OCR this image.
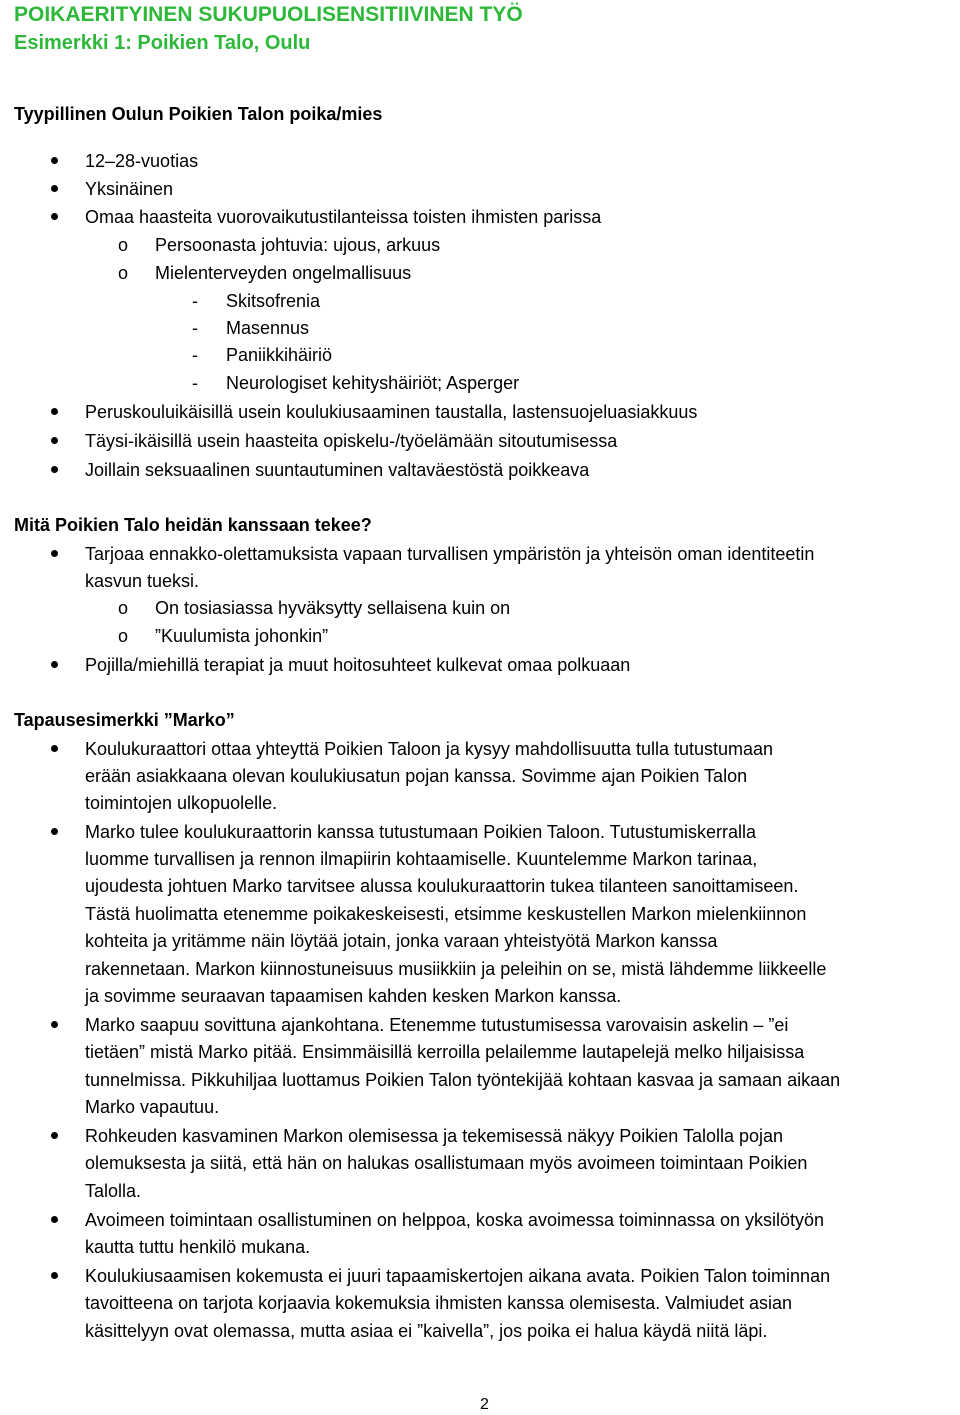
POIKAERITYINEN SUKUPUOLISENSITIIVINEN TYÖ
Esimerkki 1: Poikien Talo, Oulu
Tyypillinen Oulun Poikien Talon poika/mies
12–28-vuotias
Yksinäinen
Omaa haasteita vuorovaikutustilanteissa toisten ihmisten parissa
o Persoonasta johtuvia: ujous, arkuus
o Mielenterveyden ongelmallisuus
- Skitsofrenia
- Masennus
- Paniikkihäiriö
- Neurologiset kehityshäiriöt; Asperger
Peruskouluikäisillä usein koulukiusaaminen taustalla, lastensuojeluasiakkuus
Täysi-ikäisillä usein haasteita opiskelu-/työelämään sitoutumisessa
Joillain seksuaalinen suuntautuminen valtaväestöstä poikkeava
Mitä Poikien Talo heidän kanssaan tekee?
Tarjoaa ennakko-olettamuksista vapaan turvallisen ympäristön ja yhteisön oman identiteetin
kasvun tueksi.
o On tosiasiassa hyväksytty sellaisena kuin on
o ”Kuulumista johonkin”
Pojilla/miehillä terapiat ja muut hoitosuhteet kulkevat omaa polkuaan
Tapausesimerkki ”Marko”
Koulukuraattori ottaa yhteyttä Poikien Taloon ja kysyy mahdollisuutta tulla tutustumaan
erään asiakkaana olevan koulukiusatun pojan kanssa. Sovimme ajan Poikien Talon
toimintojen ulkopuolelle.
Marko tulee koulukuraattorin kanssa tutustumaan Poikien Taloon. Tutustumiskerralla
luomme turvallisen ja rennon ilmapiirin kohtaamiselle. Kuuntelemme Markon tarinaa,
ujoudesta johtuen Marko tarvitsee alussa koulukuraattorin tukea tilanteen sanoittamiseen.
Tästä huolimatta etenemme poikakeskeisesti, etsimme keskustellen Markon mielenkiinnon
kohteita ja yritämme näin löytää jotain, jonka varaan yhteistyötä Markon kanssa
rakennetaan. Markon kiinnostuneisuus musiikkiin ja peleihin on se, mistä lähdemme liikkeelle
ja sovimme seuraavan tapaamisen kahden kesken Markon kanssa.
Marko saapuu sovittuna ajankohtana. Etenemme tutustumisessa varovaisin askelin – ”ei
tietäen” mistä Marko pitää. Ensimmäisillä kerroilla pelailemme lautapelejä melko hiljaisissa
tunnelmissa. Pikkuhiljaa luottamus Poikien Talon työntekijää kohtaan kasvaa ja samaan aikaan
Marko vapautuu.
Rohkeuden kasvaminen Markon olemisessa ja tekemisessä näkyy Poikien Talolla pojan
olemuksesta ja siitä, että hän on halukas osallistumaan myös avoimeen toimintaan Poikien
Talolla.
Avoimeen toimintaan osallistuminen on helppoa, koska avoimessa toiminnassa on yksilötyön
kautta tuttu henkilö mukana.
Koulukiusaamisen kokemusta ei juuri tapaamiskertojen aikana avata. Poikien Talon toiminnan
tavoitteena on tarjota korjaavia kokemuksia ihmisten kanssa olemisesta. Valmiudet asian
käsittelyyn ovat olemassa, mutta asiaa ei ”kaivella”, jos poika ei halua käydä niitä läpi.
2
